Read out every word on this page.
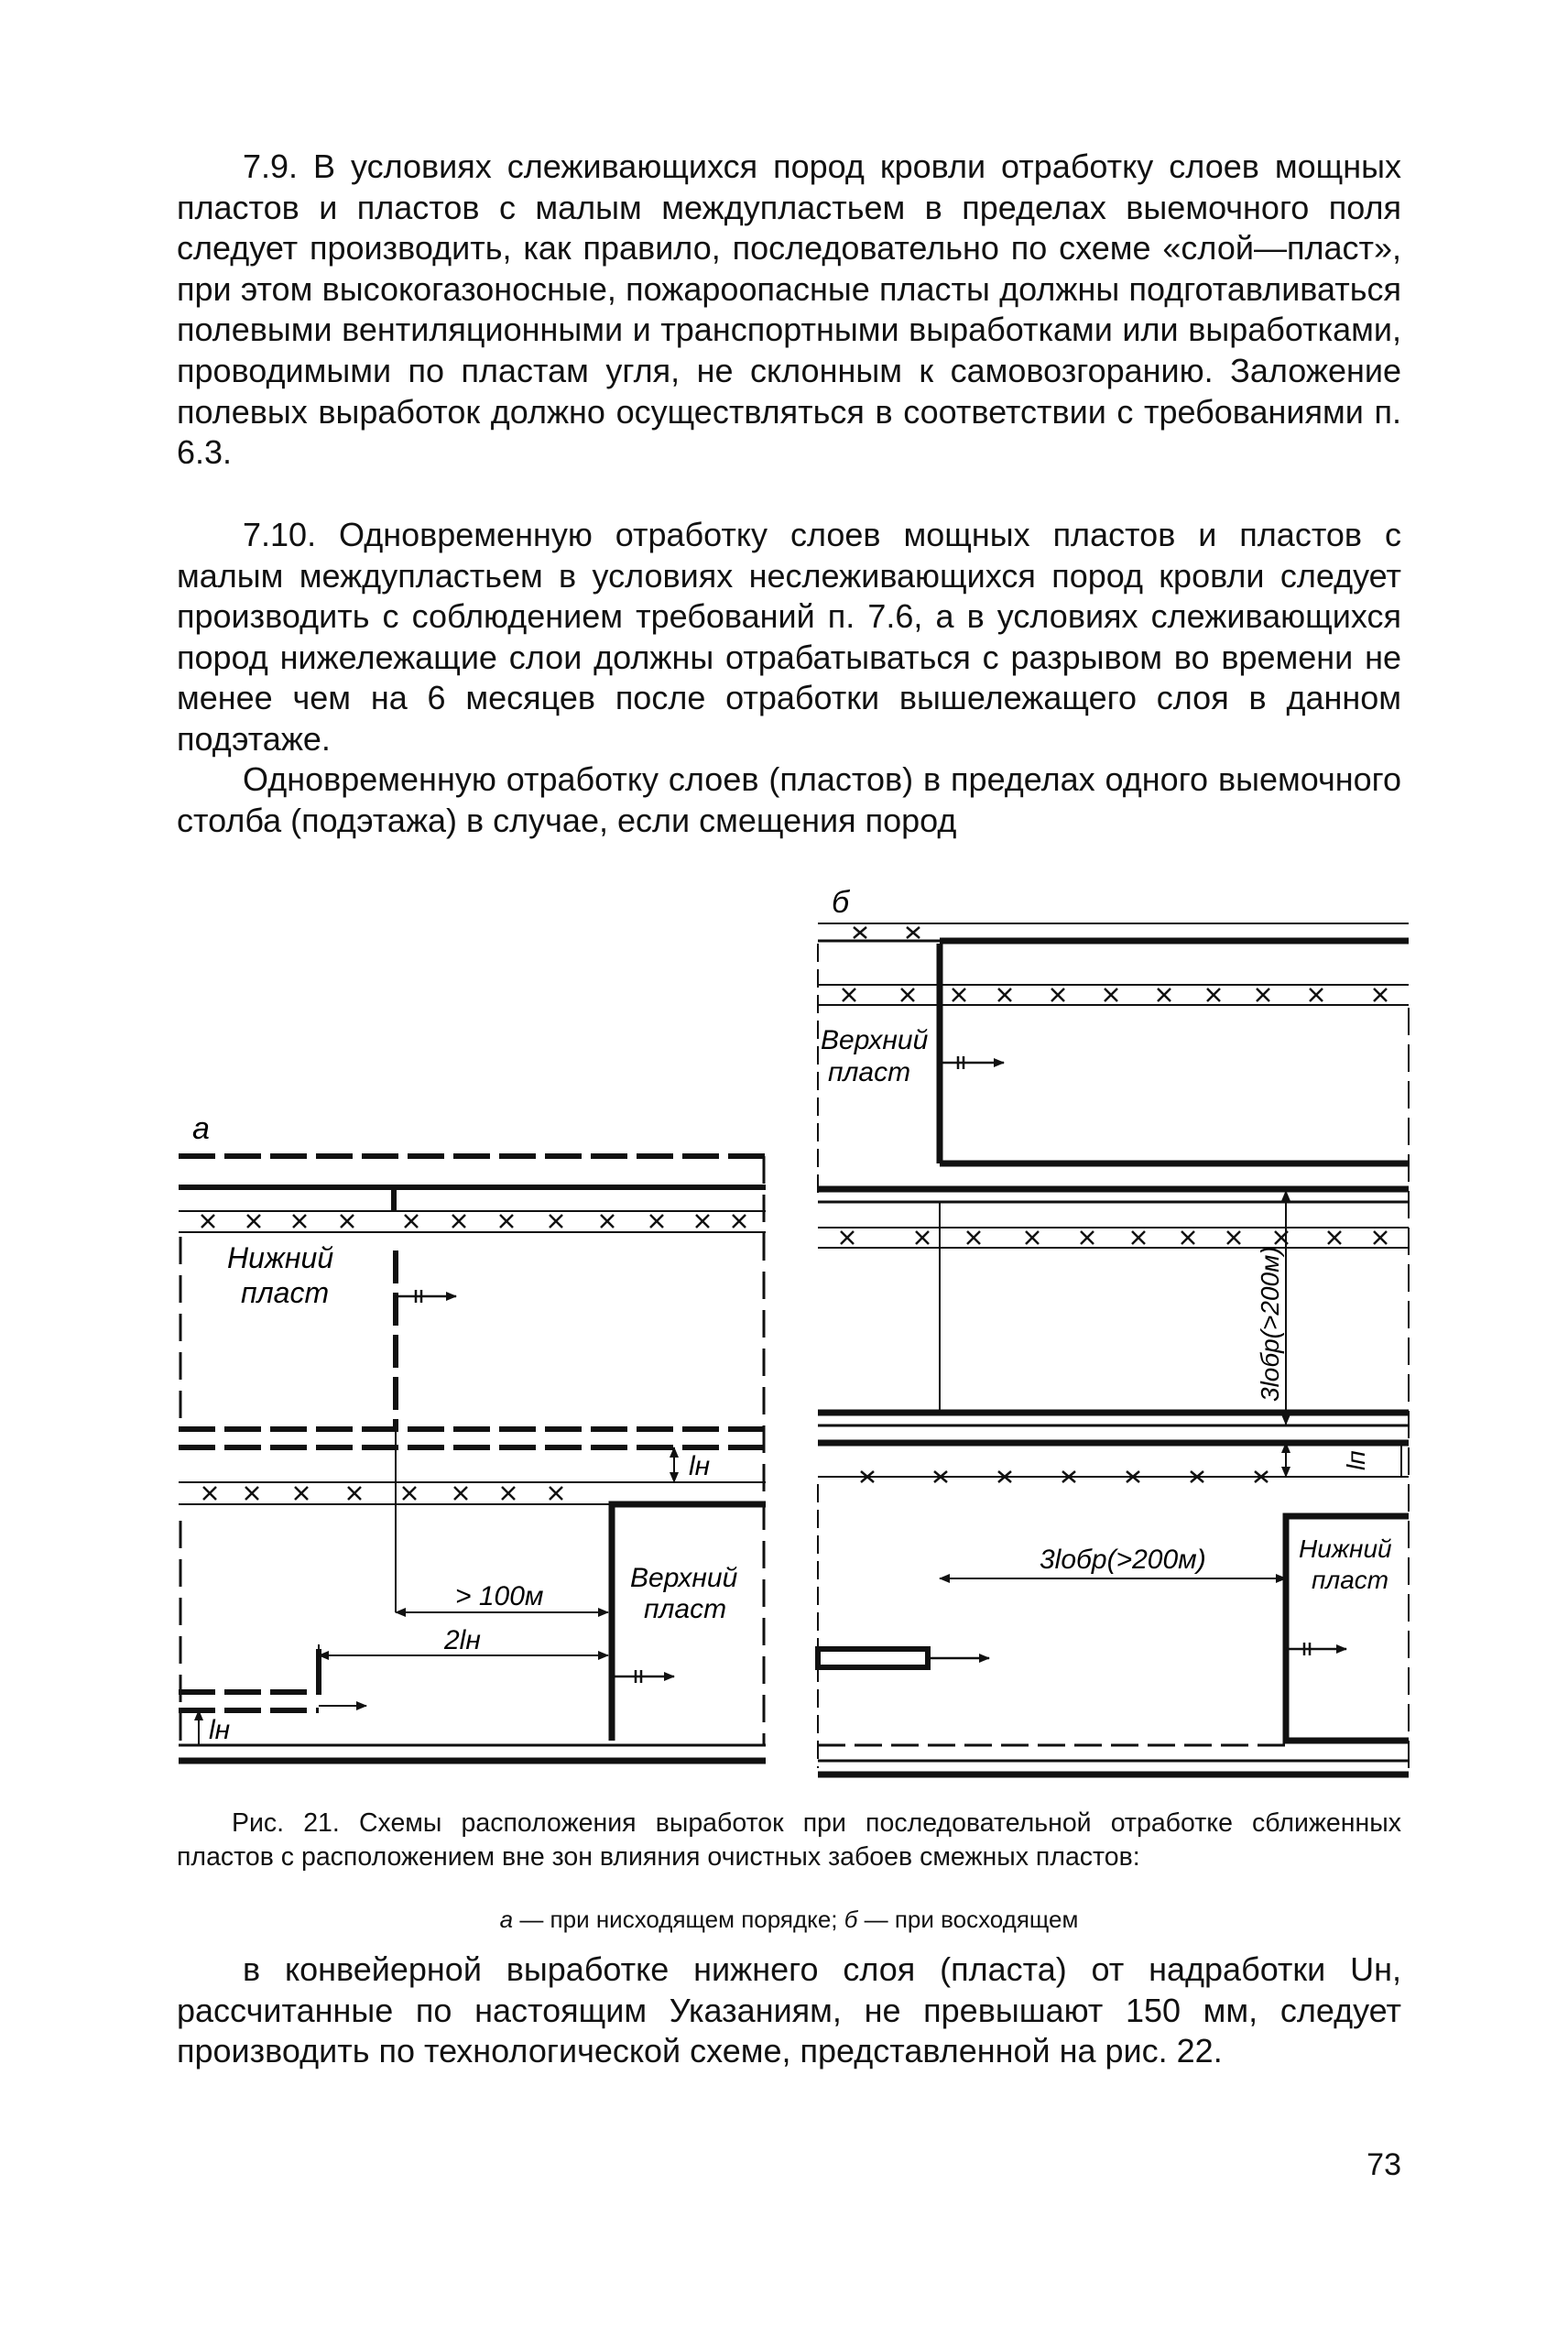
7.9. В условиях слеживающихся пород кровли отработку слоев мощных пластов и пластов с малым междупластьем в пределах выемочного поля следует производить, как правило, последовательно по схеме «слой—пласт», при этом высокогазоносные, пожароопасные пласты должны подготавливаться полевыми вентиляционными и транспортными выработками или выработками, проводимыми по пластам угля, не склонным к самовозгоранию. Заложение полевых выработок должно осуществляться в соответствии с требованиями п. 6.3.

7.10. Одновременную отработку слоев мощных пластов и пластов с малым междупластьем в условиях неслеживающихся пород кровли следует производить с соблюдением требований п. 7.6, а в условиях слеживающихся пород нижележащие слои должны отрабатываться с разрывом во времени не менее чем на 6 месяцев после отработки вышележащего слоя в данном подэтаже.

Одновременную отработку слоев (пластов) в пределах одного выемочного столба (подэтажа) в случае, если смещения пород

а
Нижний
пласт
Верхний
пласт
> 100м
2lн
lн
lн
б
Верхний
пласт
Нижний
пласт
3lобр(>200м)
3lобр(>200м)
lп

Рис. 21. Схемы расположения выработок при последовательной отработке сближенных пластов с расположением вне зон влияния очистных забоев смежных пластов:

а — при нисходящем порядке; б — при восходящем

в конвейерной выработке нижнего слоя (пласта) от надработки Uн, рассчитанные по настоящим Указаниям, не превышают 150 мм, следует производить по технологической схеме, представленной на рис. 22.

73
